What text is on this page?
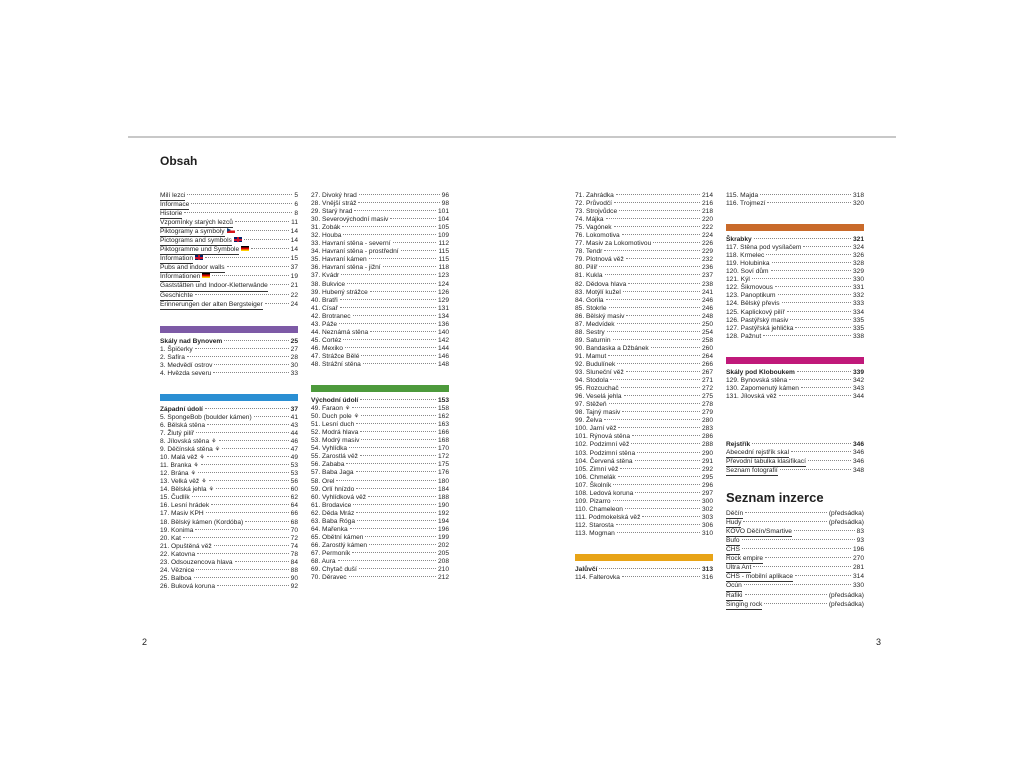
Obsah
Milí lezci	5
Informace	6
Historie	8
Vzpomínky starých lezců	11
Piktogramy a symboly	14
Pictograms and symbols	14
Piktogramme und Symbole	14
Information	15
Pubs and indoor walls	37
Informationen	19
Gaststätten und Indoor-Kletterwände	21
Geschichte	22
Erinnerungen der alten Bergsteiger	24
Skály nad Bynovem	25
1. Špičerky	27
2. Safíra	28
3. Medvědí ostrov	30
4. Hvězda severu	33
Západní údolí	37
5. SpongeBob (boulder kámen)	41
6. Bělská stěna	43
7. Žlutý pilíř	44
8. Jílovská stěna ⚘	46
9. Děčínská stěna ⚘	47
10. Malá věž ⚘	49
11. Branka ⚘	53
12. Brána ⚘	53
13. Velká věž ⚘	56
14. Bělská jehla ⚘	60
15. Čudlík	62
16. Lesní hrádek	64
17. Masiv KPH	66
18. Bělský kámen (Kordóba)	68
19. Konima	70
20. Kat	72
21. Opuštěná věž	74
22. Katovna	78
23. Odsouzencova hlava	84
24. Věznice	88
25. Balboa	90
26. Buková koruna	92
27. Divoký hrad	96
28. Vnější stráž	98
29. Starý hrad	101
30. Severovýchodní masiv	104
31. Zobák	105
32. Houba	109
33. Havraní stěna - severní	112
34. Havraní stěna - prostřední	115
35. Havraní kámen	115
36. Havraní stěna - jižní	118
37. Kvádr	123
38. Bukvice	124
39. Hubený strážce	126
40. Bratři	129
41. Císař	131
42. Brotranec	134
43. Páže	136
44. Neznámá stěna	140
45. Cortéz	142
46. Mexiko	144
47. Strážce Bělé	146
48. Strážní stěna	148
Východní údolí	153
49. Faraon ⚘	158
50. Duch pole ⚘	162
51. Lesní duch	163
52. Modrá hlava	166
53. Modrý masiv	168
54. Vyhlídka	170
55. Zarostlá věž	172
56. Zababa	175
57. Baba Jaga	176
58. Orel	180
59. Orlí hnízdo	184
60. Vyhlídková věž	188
61. Brodavice	190
62. Děda Mráz	192
63. Baba Róga	194
64. Mařenka	196
65. Obětní kámen	199
66. Zarostlý kámen	202
67. Permoník	205
68. Aura	208
69. Chytač duší	210
70. Děravec	212
71. Zahrádka	214
72. Průvodčí	216
73. Strojvůdce	218
74. Májka	220
75. Vagónek	222
76. Lokomotiva	224
77. Masiv za Lokomotivou	226
78. Tendr	229
79. Plotnová věž	232
80. Pilíř	236
81. Kukla	237
82. Dědova hlava	238
83. Motýlí kužel	241
84. Gorila	246
85. Stokrle	246
86. Bělský masiv	248
87. Medvídek	250
88. Sestry	254
89. Saturnin	258
90. Bandaska a Džbánek	260
91. Mamut	264
92. Budulínek	266
93. Sluneční věž	267
94. Stodola	271
95. Rozcuchač	272
96. Veselá jehla	275
97. Stěžeň	278
98. Tajný masiv	279
99. Želva	280
100. Jarní věž	283
101. Rýnová stěna	286
102. Podzimní věž	288
103. Podzimní stěna	290
104. Červená stěna	291
105. Zimní věž	292
106. Chmelák	295
107. Školník	296
108. Ledová koruna	297
109. Pizarro	300
110. Chameleon	302
111. Podmokelská věž	303
112. Starosta	306
113. Mogman	310
Jalůvčí	313
114. Falterovka	316
115. Majda	318
116. Trojmezí	320
Škrabky	321
117. Stěna pod vysílačem	324
118. Krmelec	326
119. Holubinka	328
120. Soví dům	329
121. Kýl	330
122. Šikmovous	331
123. Panoptikum	332
124. Bělský převis	333
125. Kaplickový pilíř	334
126. Pastýřský masiv	335
127. Pastýřská jehlička	335
128. Pažnut	338
Skály pod Kloboukem	339
129. Bynovská stěna	342
130. Zapomenutý kámen	343
131. Jílovská věž	344
Rejstřík	346
Abecední rejstřík skal	346
Převodní tabulka klasifikací	346
Seznam fotografií	348
Seznam inzerce
Děčín	(předsádka)
Hudy	(předsádka)
KOVO Děčín/Smartive	83
Bufo	93
ČHS	196
Rock empire	270
Ultra Ant	281
ČHS - mobilní aplikace	314
Ocún	330
Rafiki	(předsádka)
Singing rock	(předsádka)
2	3
